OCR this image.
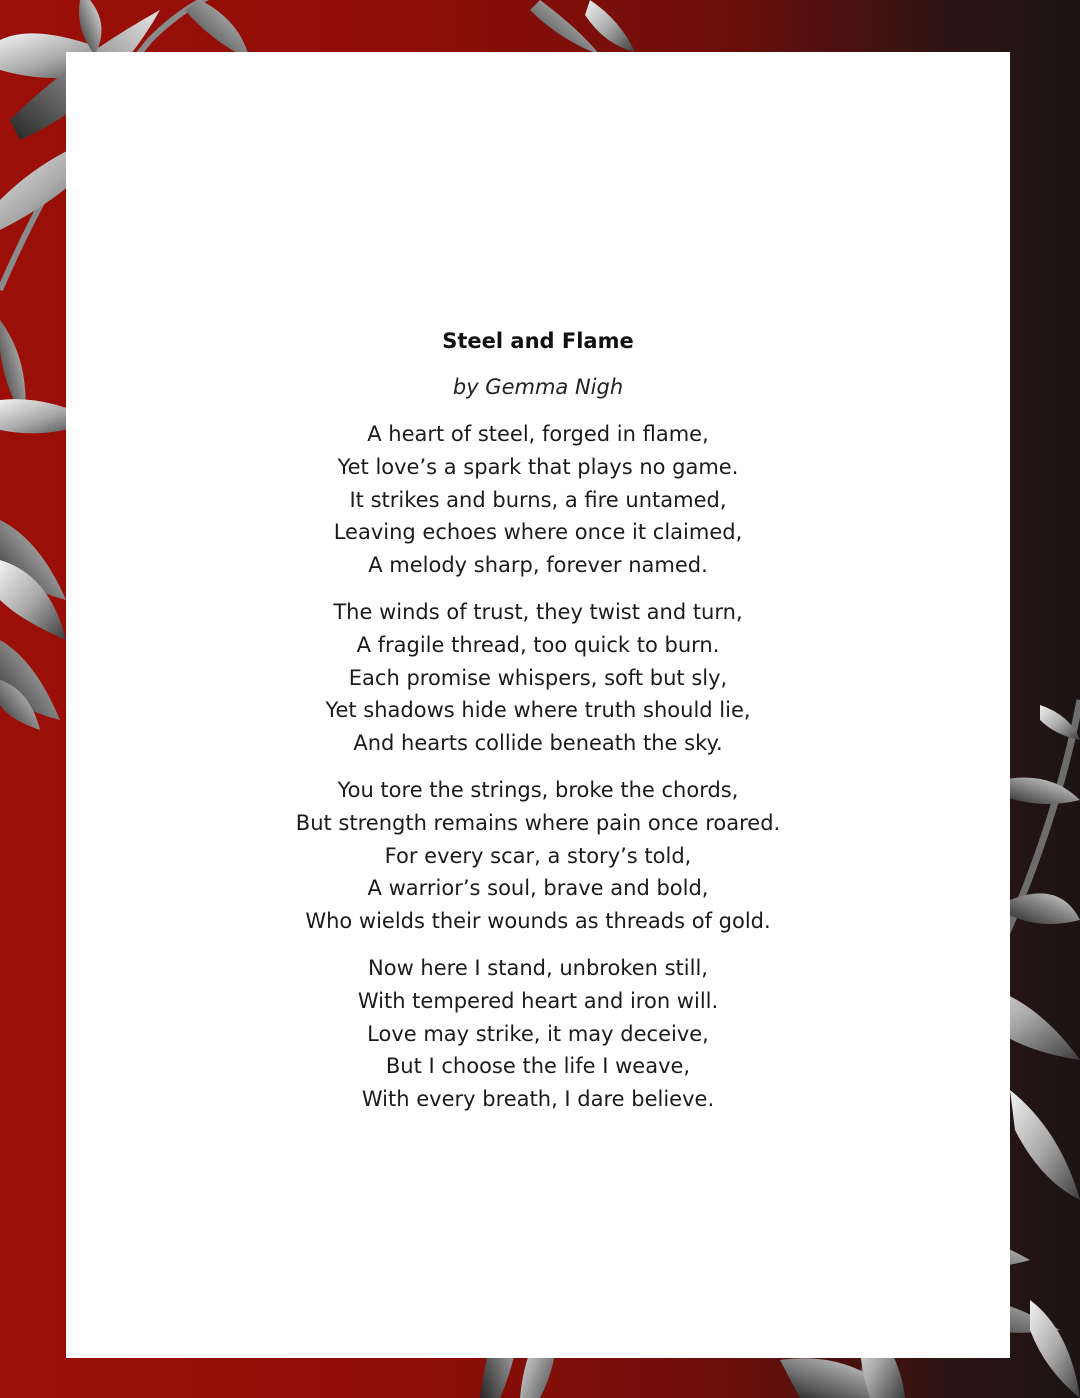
Steel and Flame
by Gemma Nigh
A heart of steel, forged in flame,
Yet love’s a spark that plays no game.
It strikes and burns, a fire untamed,
Leaving echoes where once it claimed,
A melody sharp, forever named.
The winds of trust, they twist and turn,
A fragile thread, too quick to burn.
Each promise whispers, soft but sly,
Yet shadows hide where truth should lie,
And hearts collide beneath the sky.
You tore the strings, broke the chords,
But strength remains where pain once roared.
For every scar, a story’s told,
A warrior’s soul, brave and bold,
Who wields their wounds as threads of gold.
Now here I stand, unbroken still,
With tempered heart and iron will.
Love may strike, it may deceive,
But I choose the life I weave,
With every breath, I dare believe.
